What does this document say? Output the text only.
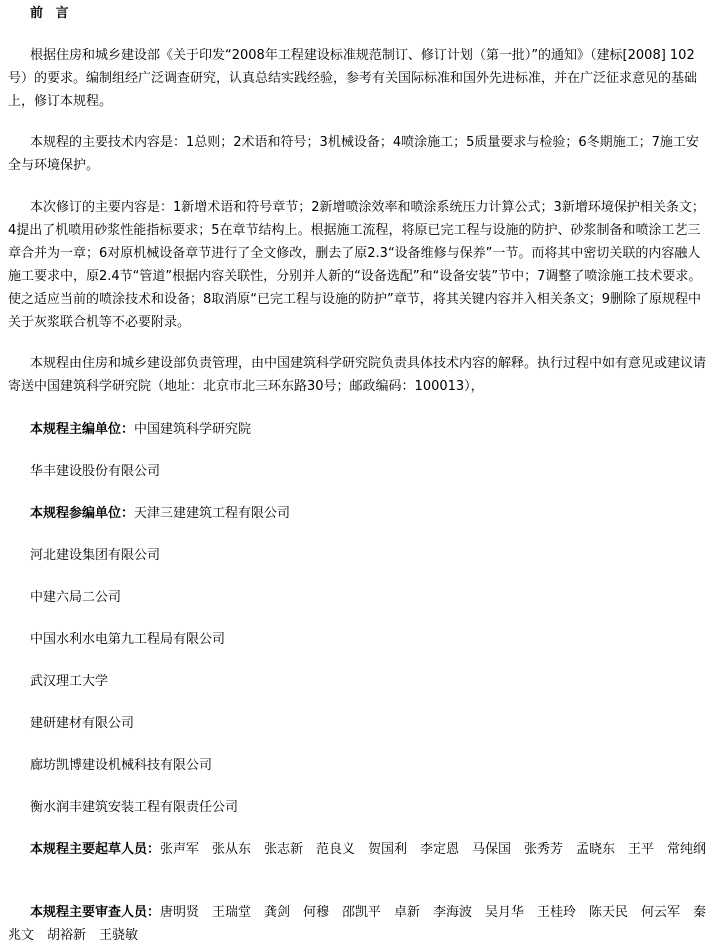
前 言

根据住房和城乡建设部《关于印发“2008年工程建设标准规范制订、修订计划（第一批）”的通知》（建标[2008] 102号）的要求。编制组经广泛调查研究，认真总结实践经验，参考有关国际标准和国外先进标准，并在广泛征求意见的基础上，修订本规程。

本规程的主要技术内容是：1总则；2术语和符号；3机械设备；4喷涂施工；5质量要求与检验；6冬期施工；7施工安全与环境保护。

本次修订的主要内容是：1新增术语和符号章节；2新增喷涂效率和喷涂系统压力计算公式；3新增环境保护相关条文；4提出了机喷用砂浆性能指标要求；5在章节结构上。根据施工流程，将原已完工程与设施的防护、砂浆制备和喷涂工艺三章合并为一章；6对原机械设备章节进行了全文修改，删去了原2.3“设备维修与保养”一节。而将其中密切关联的内容融人施工要求中，原2.4节“管道”根据内容关联性，分别并人新的“设备选配”和“设备安装”节中；7调整了喷涂施工技术要求。使之适应当前的喷涂技术和设备；8取消原“已完工程与设施的防护”章节，将其关键内容并入相关条文；9删除了原规程中关于灰浆联合机等不必要附录。

本规程由住房和城乡建设部负责管理，由中国建筑科学研究院负责具体技术内容的解释。执行过程中如有意见或建议请寄送中国建筑科学研究院（地址：北京市北三环东路30号；邮政编码：100013），

本规程主编单位：中国建筑科学研究院
华丰建设股份有限公司
本规程参编单位：天津三建建筑工程有限公司
河北建设集团有限公司
中建六局二公司
中国水利水电第九工程局有限公司
武汉理工大学
建研建材有限公司
廊坊凯博建设机械科技有限公司
衡水润丰建筑安装工程有限责任公司

本规程主要起草人员：张声军　张从东　张志新　范良义　贺国利　李定恩　马保国　张秀芳　孟晓东　王平　常纯纲

本规程主要审查人员：唐明贤　王瑞堂　龚剑　何穆　邵凯平　卓新　李海波　吴月华　王桂玲　陈天民　何云军　秦兆文　胡裕新　王骁敏
